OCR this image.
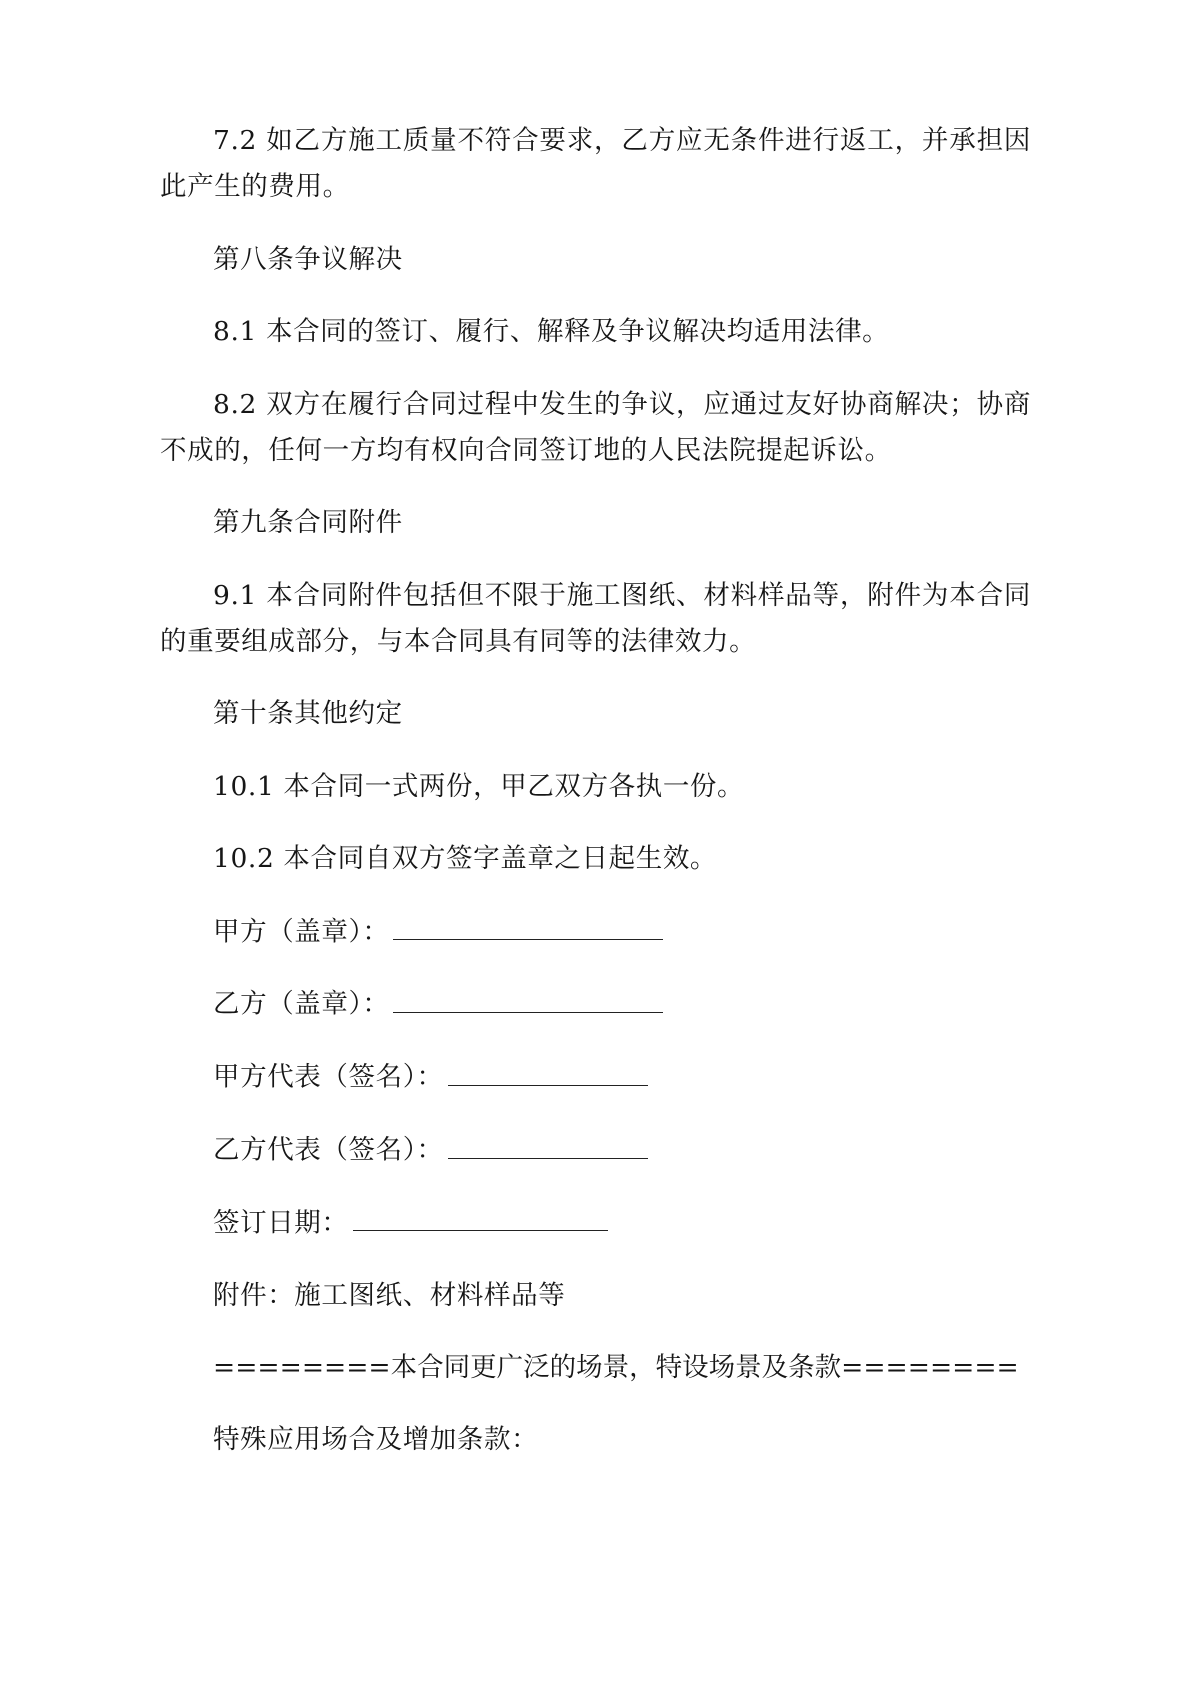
7.2 如乙方施工质量不符合要求，乙方应无条件进行返工，并承担因此产生的费用。

第八条争议解决

8.1 本合同的签订、履行、解释及争议解决均适用法律。

8.2 双方在履行合同过程中发生的争议，应通过友好协商解决；协商不成的，任何一方均有权向合同签订地的人民法院提起诉讼。

第九条合同附件

9.1 本合同附件包括但不限于施工图纸、材料样品等，附件为本合同的重要组成部分，与本合同具有同等的法律效力。

第十条其他约定

10.1 本合同一式两份，甲乙双方各执一份。

10.2 本合同自双方签字盖章之日起生效。

甲方（盖章）：

乙方（盖章）：

甲方代表（签名）：

乙方代表（签名）：

签订日期：

附件：施工图纸、材料样品等

========本合同更广泛的场景，特设场景及条款========

特殊应用场合及增加条款：
